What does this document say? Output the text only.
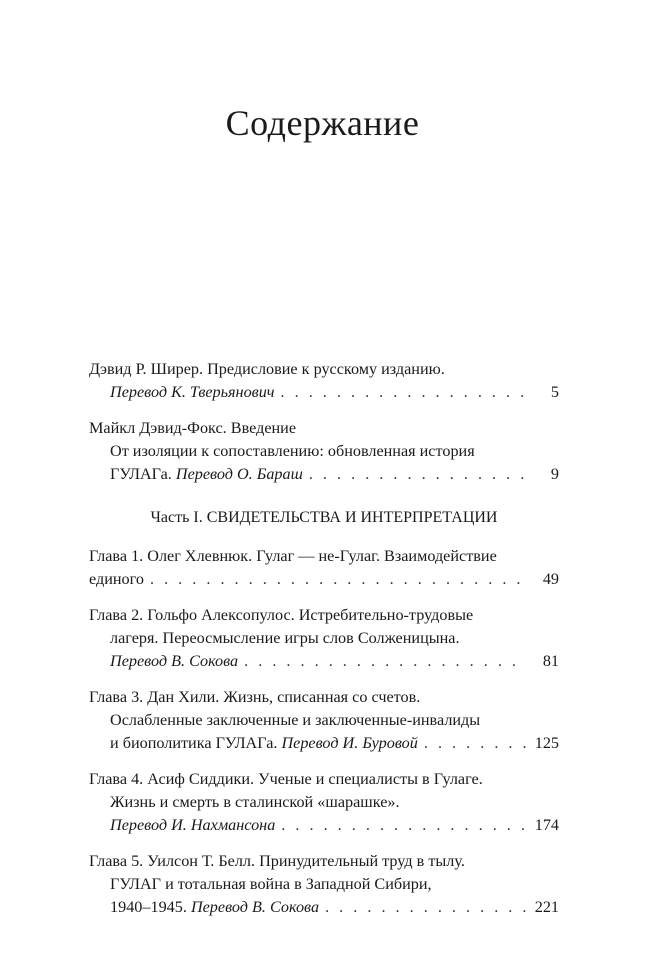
Содержание
Дэвид Р. Ширер. Предисловие к русскому изданию.
Перевод К. Тверьянович . . .	5
Майкл Дэвид-Фокс. Введение
От изоляции к сопоставлению: обновленная история
ГУЛАГа. Перевод О. Бараш . . .	9
Часть I. СВИДЕТЕЛЬСТВА И ИНТЕРПРЕТАЦИИ
Глава 1. Олег Хлевнюк. Гулаг — не-Гулаг. Взаимодействие
единого . . .	49
Глава 2. Гольфо Алексопулос. Истребительно-трудовые
лагеря. Переосмысление игры слов Солженицына.
Перевод В. Сокова . . .	81
Глава 3. Дан Хили. Жизнь, списанная со счетов.
Ослабленные заключенные и заключенные-инвалиды
и биополитика ГУЛАГа. Перевод И. Буровой . . .	125
Глава 4. Асиф Сиддики. Ученые и специалисты в Гулаге.
Жизнь и смерть в сталинской «шарашке».
Перевод И. Нахмансона . . .	174
Глава 5. Уилсон Т. Белл. Принудительный труд в тылу.
ГУЛАГ и тотальная война в Западной Сибири,
1940–1945. Перевод В. Сокова . . .	221
